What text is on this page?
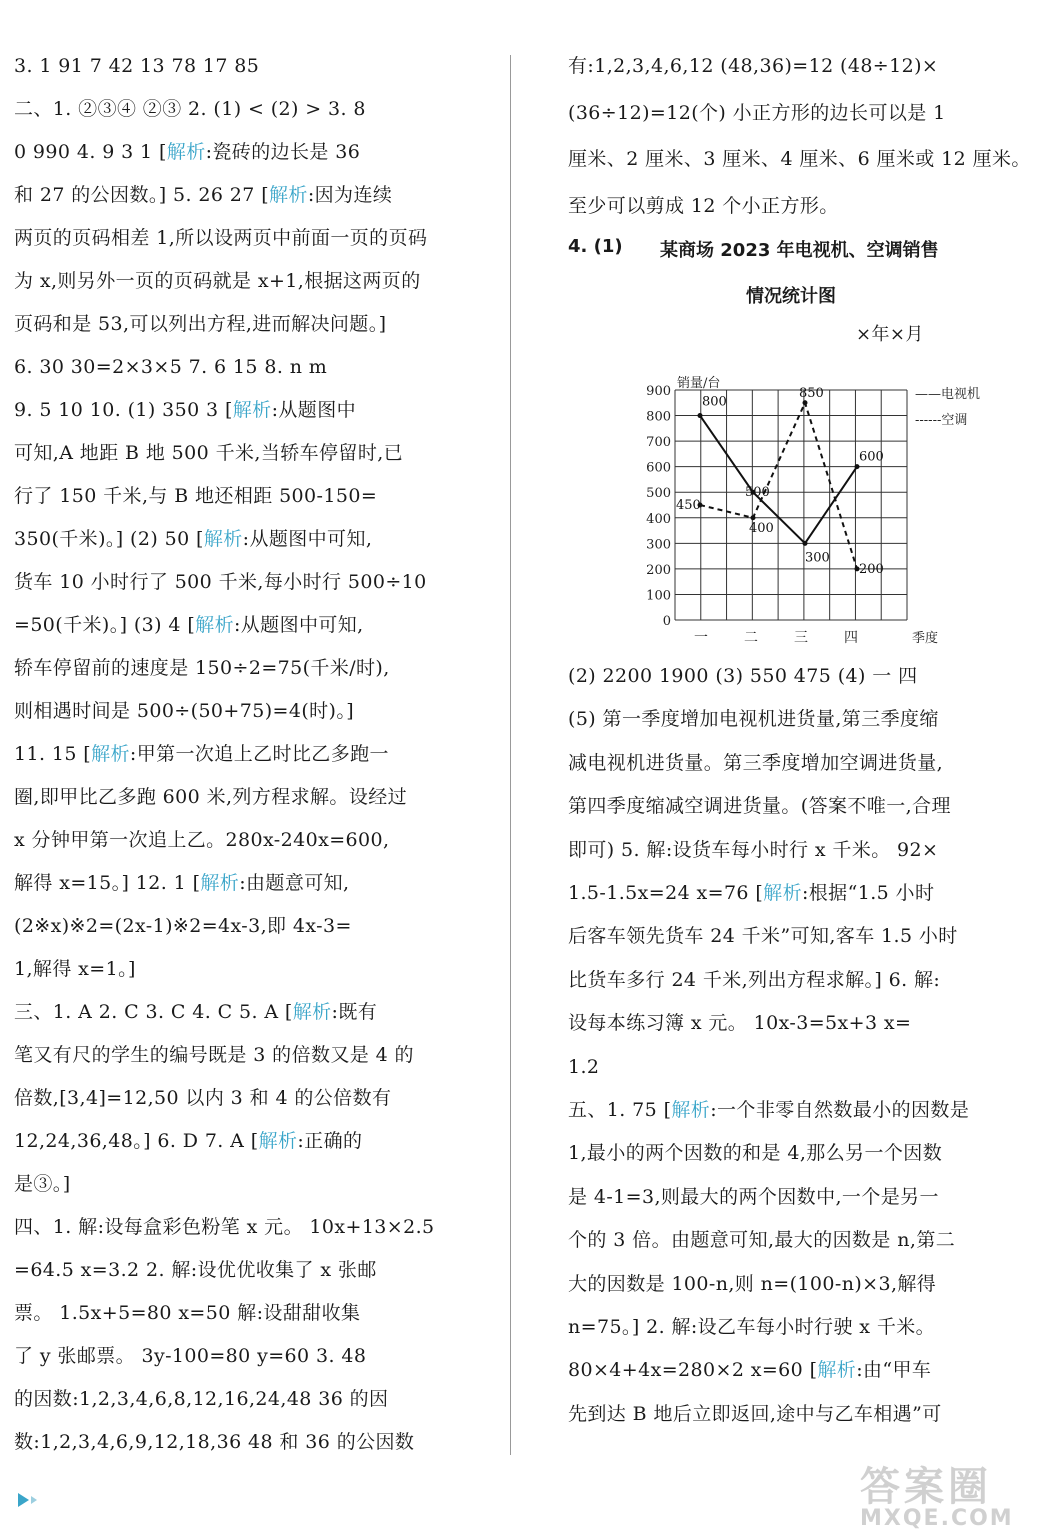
3. 1 91 7 42 13 78 17 85
二、1. ②③④ ②③ 2. (1) < (2) > 3. 8
0 990 4. 9 3 1 [解析:瓷砖的边长是 36
和 27 的公因数。] 5. 26 27 [解析:因为连续
两页的页码相差 1,所以设两页中前面一页的页码
为 x,则另外一页的页码就是 x+1,根据这两页的
页码和是 53,可以列出方程,进而解决问题。]
6. 30 30=2×3×5 7. 6 15 8. n m
9. 5 10 10. (1) 350 3 [解析:从题图中
可知,A 地距 B 地 500 千米,当轿车停留时,已
行了 150 千米,与 B 地还相距 500-150=
350(千米)。] (2) 50 [解析:从题图中可知,
货车 10 小时行了 500 千米,每小时行 500÷10
=50(千米)。] (3) 4 [解析:从题图中可知,
轿车停留前的速度是 150÷2=75(千米/时),
则相遇时间是 500÷(50+75)=4(时)。]
11. 15 [解析:甲第一次追上乙时比乙多跑一
圈,即甲比乙多跑 600 米,列方程求解。设经过
x 分钟甲第一次追上乙。280x-240x=600,
解得 x=15。] 12. 1 [解析:由题意可知,
(2※x)※2=(2x-1)※2=4x-3,即 4x-3=
1,解得 x=1。]
三、1. A 2. C 3. C 4. C 5. A [解析:既有
笔又有尺的学生的编号既是 3 的倍数又是 4 的
倍数,[3,4]=12,50 以内 3 和 4 的公倍数有
12,24,36,48。] 6. D 7. A [解析:正确的
是③。]
四、1. 解:设每盒彩色粉笔 x 元。 10x+13×2.5
=64.5 x=3.2 2. 解:设优优收集了 x 张邮
票。 1.5x+5=80 x=50 解:设甜甜收集
了 y 张邮票。 3y-100=80 y=60 3. 48
的因数:1,2,3,4,6,8,12,16,24,48 36 的因
数:1,2,3,4,6,9,12,18,36 48 和 36 的公因数
有:1,2,3,4,6,12 (48,36)=12 (48÷12)×
(36÷12)=12(个) 小正方形的边长可以是 1
厘米、2 厘米、3 厘米、4 厘米、6 厘米或 12 厘米。
至少可以剪成 12 个小正方形。
(2) 2200 1900 (3) 550 475 (4) 一 四
(5) 第一季度增加电视机进货量,第三季度缩
减电视机进货量。第三季度增加空调进货量,
第四季度缩减空调进货量。(答案不唯一,合理
即可) 5. 解:设货车每小时行 x 千米。 92×
1.5-1.5x=24 x=76 [解析:根据“1.5 小时
后客车领先货车 24 千米”可知,客车 1.5 小时
比货车多行 24 千米,列出方程求解。] 6. 解:
设每本练习簿 x 元。 10x-3=5x+3 x=
1.2
五、1. 75 [解析:一个非零自然数最小的因数是
1,最小的两个因数的和是 4,那么另一个因数
是 4-1=3,则最大的两个因数中,一个是另一
个的 3 倍。由题意可知,最大的因数是 n,第二
大的因数是 100-n,则 n=(100-n)×3,解得
n=75。] 2. 解:设乙车每小时行驶 x 千米。
80×4+4x=280×2 x=60 [解析:由“甲车
先到达 B 地后立即返回,途中与乙车相遇”可
4. (1) 某商场 2023 年电视机、空调销售
情况统计图
×年×月
0
100
200
300
400
500
600
700
800
900
销量/台
一	二	三	四	季度
800
500
300
600
450
400
850
200
——电视机
------空调
答案圈
MXQE.COM
